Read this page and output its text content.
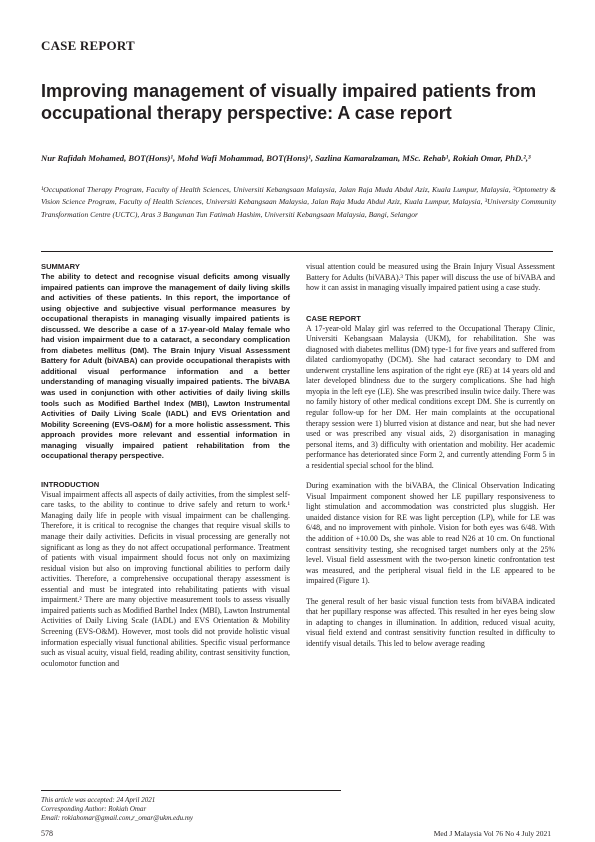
CASE REPORT
Improving management of visually impaired patients from occupational therapy perspective: A case report

Nur Rafidah Mohamed, BOT(Hons)¹, Mohd Wafi Mohammad, BOT(Hons)¹, Sazlina Kamaralzaman, MSc. Rehab¹, Rokiah Omar, PhD.²,³

¹Occupational Therapy Program, Faculty of Health Sciences, Universiti Kebangsaan Malaysia, Jalan Raja Muda Abdul Aziz, Kuala Lumpur, Malaysia, ²Optometry & Vision Science Program, Faculty of Health Sciences, Universiti Kebangsaan Malaysia, Jalan Raja Muda Abdul Aziz, Kuala Lumpur, Malaysia, ³University Community Transformation Centre (UCTC), Aras 3 Bangunan Tun Fatimah Hashim, Universiti Kebangsaan Malaysia, Bangi, Selangor

SUMMARY

The ability to detect and recognise visual deficits among visually impaired patients can improve the management of daily living skills and activities of these patients. In this report, the importance of using objective and subjective visual performance measures by occupational therapists in managing visually impaired patients is discussed. We describe a case of a 17-year-old Malay female who had vision impairment due to a cataract, a secondary complication from diabetes mellitus (DM). The Brain Injury Visual Assessment Battery for Adult (biVABA) can provide occupational therapists with additional visual performance information and a better understanding of managing visually impaired patients. The biVABA was used in conjunction with other activities of daily living skills tools such as Modified Barthel Index (MBI), Lawton Instrumental Activities of Daily Living Scale (IADL) and EVS Orientation and Mobility Screening (EVS-O&M) for a more holistic assessment. This approach provides more relevant and essential information in managing visually impaired patient rehabilitation from the occupational therapy perspective.

INTRODUCTION

Visual impairment affects all aspects of daily activities, from the simplest self-care tasks, to the ability to continue to drive safely and return to work.¹ Managing daily life in people with visual impairment can be challenging. Therefore, it is critical to recognise the changes that require visual skills to manage their daily activities. Deficits in visual processing are generally not significant as long as they do not affect occupational performance. Treatment of patients with visual impairment should focus not only on maximizing residual vision but also on improving functional abilities to perform daily activities. Therefore, a comprehensive occupational therapy assessment is essential and must be integrated into rehabilitating patients with visual impairment.² There are many objective measurement tools to assess visually impaired patients such as Modified Barthel Index (MBI), Lawton Instrumental Activities of Daily Living Scale (IADL) and EVS Orientation & Mobility Screening (EVS-O&M). However, most tools did not provide holistic visual information especially visual functional abilities. Specific visual performance such as visual acuity, visual field, reading ability, contrast sensitivity function, oculomotor function and

visual attention could be measured using the Brain Injury Visual Assessment Battery for Adults (biVABA).³ This paper will discuss the use of biVABA and how it can assist in managing visually impaired patient using a case study.

CASE REPORT

A 17-year-old Malay girl was referred to the Occupational Therapy Clinic, Universiti Kebangsaan Malaysia (UKM), for rehabilitation. She was diagnosed with diabetes mellitus (DM) type-1 for five years and suffered from dilated cardiomyopathy (DCM). She had cataract secondary to DM and underwent crystalline lens aspiration of the right eye (RE) at 14 years old and later developed blindness due to the surgery complications. She had high myopia in the left eye (LE). She was prescribed insulin twice daily. There was no family history of other medical conditions except DM. She is currently on regular follow-up for her DM. Her main complaints at the occupational therapy session were 1) blurred vision at distance and near, but she had never used or was prescribed any visual aids, 2) disorganisation in managing personal items, and 3) difficulty with orientation and mobility. Her academic performance has deteriorated since Form 2, and currently attending Form 5 in a residential special school for the blind.

During examination with the biVABA, the Clinical Observation Indicating Visual Impairment component showed her LE pupillary responsiveness to light stimulation and accommodation was constricted plus sluggish. Her unaided distance vision for RE was light perception (LP), while for LE was 6/48, and no improvement with pinhole. Vision for both eyes was 6/48. With the addition of +10.00 Ds, she was able to read N26 at 10 cm. On functional contrast sensitivity testing, she recognised target numbers only at the 25% level. Visual field assessment with the two-person kinetic confrontation test was measured, and the peripheral visual field in the LE appeared to be impaired (Figure 1).

The general result of her basic visual function tests from biVABA indicated that her pupillary response was affected. This resulted in her eyes being slow in adapting to changes in illumination. In addition, reduced visual acuity, visual field extend and contrast sensitivity function resulted in difficulty to identify visual details. This led to below average reading

This article was accepted: 24 April 2021
Corresponding Author: Rokiah Omar
Email: rokiahomar@gmail.com,r_omar@ukm.edu.my
578	Med J Malaysia Vol 76 No 4 July 2021
